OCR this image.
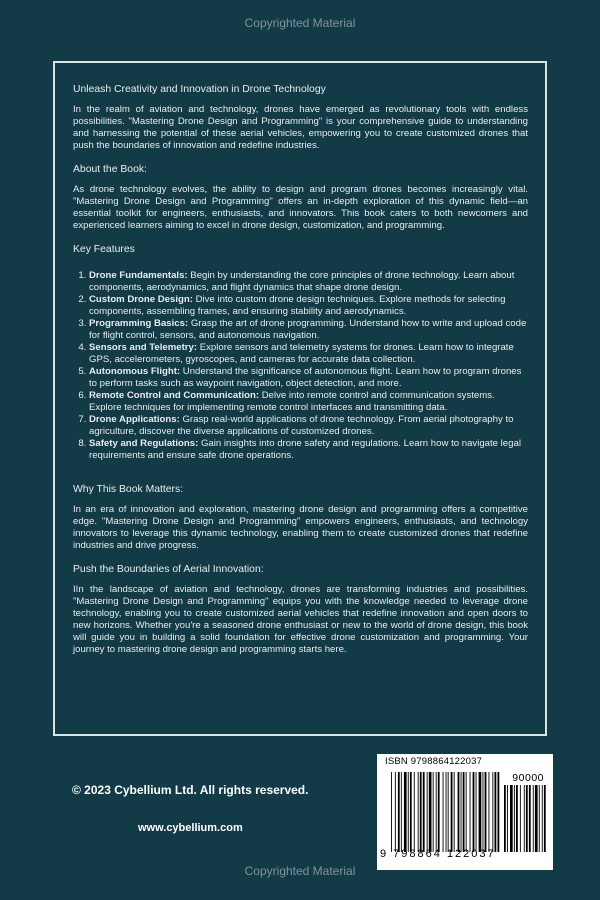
Copyrighted Material
Unleash Creativity and Innovation in Drone Technology

In the realm of aviation and technology, drones have emerged as revolutionary tools with endless possibilities. "Mastering Drone Design and Programming" is your comprehensive guide to understanding and harnessing the potential of these aerial vehicles, empowering you to create customized drones that push the boundaries of innovation and redefine industries.

About the Book:

As drone technology evolves, the ability to design and program drones becomes increasingly vital. "Mastering Drone Design and Programming" offers an in-depth exploration of this dynamic field—an essential toolkit for engineers, enthusiasts, and innovators. This book caters to both newcomers and experienced learners aiming to excel in drone design, customization, and programming.

Key Features
1. Drone Fundamentals: Begin by understanding the core principles of drone technology. Learn about components, aerodynamics, and flight dynamics that shape drone design.
2. Custom Drone Design: Dive into custom drone design techniques. Explore methods for selecting components, assembling frames, and ensuring stability and aerodynamics.
3. Programming Basics: Grasp the art of drone programming. Understand how to write and upload code for flight control, sensors, and autonomous navigation.
4. Sensors and Telemetry: Explore sensors and telemetry systems for drones. Learn how to integrate GPS, accelerometers, gyroscopes, and cameras for accurate data collection.
5. Autonomous Flight: Understand the significance of autonomous flight. Learn how to program drones to perform tasks such as waypoint navigation, object detection, and more.
6. Remote Control and Communication: Delve into remote control and communication systems. Explore techniques for implementing remote control interfaces and transmitting data.
7. Drone Applications: Grasp real-world applications of drone technology. From aerial photography to agriculture, discover the diverse applications of customized drones.
8. Safety and Regulations: Gain insights into drone safety and regulations. Learn how to navigate legal requirements and ensure safe drone operations.
Why This Book Matters:

In an era of innovation and exploration, mastering drone design and programming offers a competitive edge. "Mastering Drone Design and Programming" empowers engineers, enthusiasts, and technology innovators to leverage this dynamic technology, enabling them to create customized drones that redefine industries and drive progress.

Push the Boundaries of Aerial Innovation:

IIn the landscape of aviation and technology, drones are transforming industries and possibilities. "Mastering Drone Design and Programming" equips you with the knowledge needed to leverage drone technology, enabling you to create customized aerial vehicles that redefine innovation and open doors to new horizons. Whether you're a seasoned drone enthusiast or new to the world of drone design, this book will guide you in building a solid foundation for effective drone customization and programming. Your journey to mastering drone design and programming starts here.

© 2023 Cybellium Ltd. All rights reserved.
www.cybellium.com
ISBN 9798864122037
90000
9 798864 122037
Copyrighted Material
